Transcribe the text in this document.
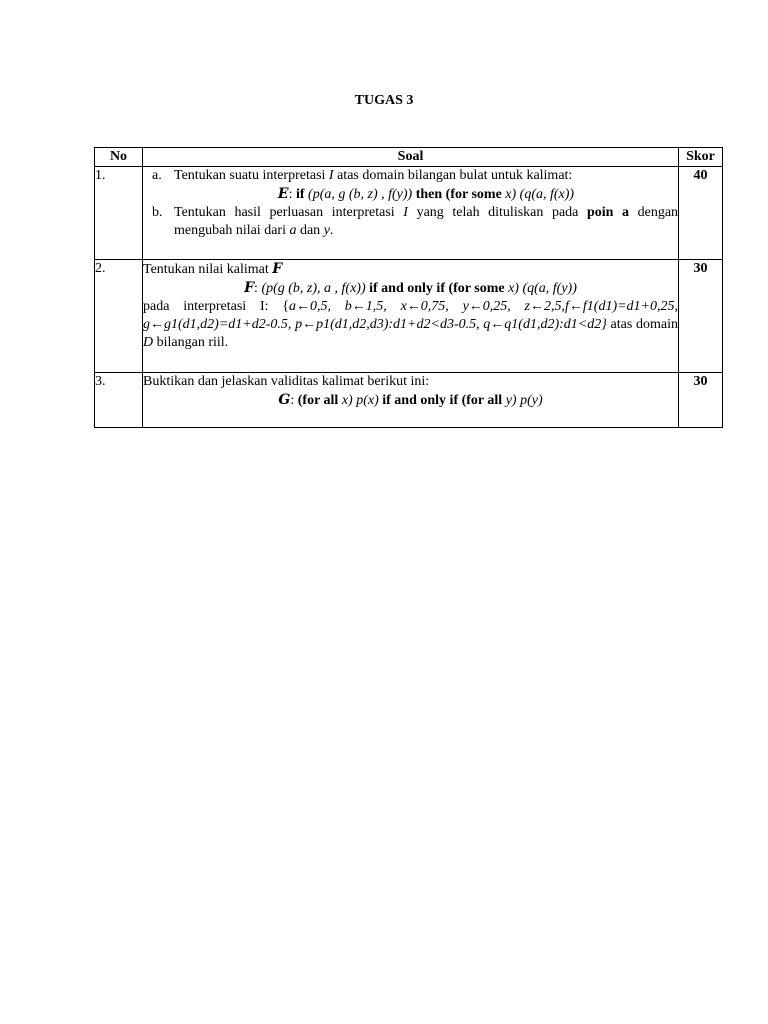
TUGAS 3
No	Soal	Skor
1.	a. Tentukan suatu interpretasi I atas domain bilangan bulat untuk kalimat:
E: if (p(a, g (b, z) , f(y)) then (for some x) (q(a, f(x))
b. Tentukan hasil perluasan interpretasi I yang telah dituliskan pada poin a dengan mengubah nilai dari a dan y.	40
2.	Tentukan nilai kalimat F
F: (p(g (b, z), a , f(x)) if and only if (for some x) (q(a, f(y))
pada interpretasi I: {a←0,5, b←1,5, x←0,75, y←0,25, z←2,5,f←f1(d1)=d1+0,25, g←g1(d1,d2)=d1+d2-0.5, p←p1(d1,d2,d3):d1+d2<d3-0.5, q←q1(d1,d2):d1<d2} atas domain D bilangan riil.	30
3.	Buktikan dan jelaskan validitas kalimat berikut ini:
G: (for all x) p(x) if and only if (for all y) p(y)	30
